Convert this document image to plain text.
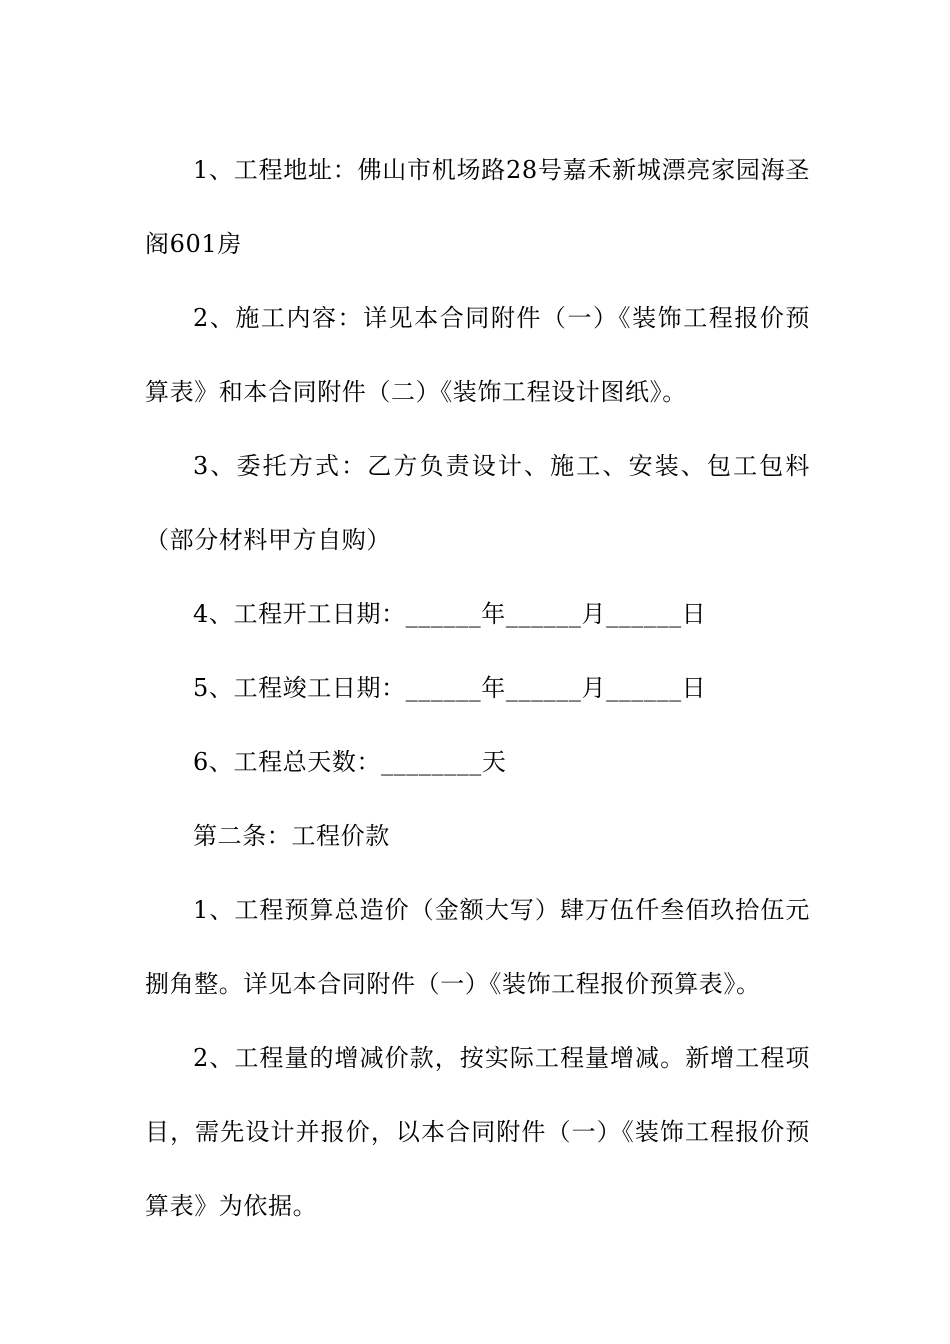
1、工程地址：佛山市机场路28号嘉禾新城漂亮家园海圣阁601房

2、施工内容：详见本合同附件（一）《装饰工程报价预算表》和本合同附件（二）《装饰工程设计图纸》。

3、委托方式：乙方负责设计、施工、安装、包工包料（部分材料甲方自购）

4、工程开工日期：______年______月______日

5、工程竣工日期：______年______月______日

6、工程总天数：________天

第二条：工程价款

1、工程预算总造价（金额大写）肆万伍仟叁佰玖拾伍元捌角整。详见本合同附件（一）《装饰工程报价预算表》。

2、工程量的增减价款，按实际工程量增减。新增工程项目，需先设计并报价，以本合同附件（一）《装饰工程报价预算表》为依据。
